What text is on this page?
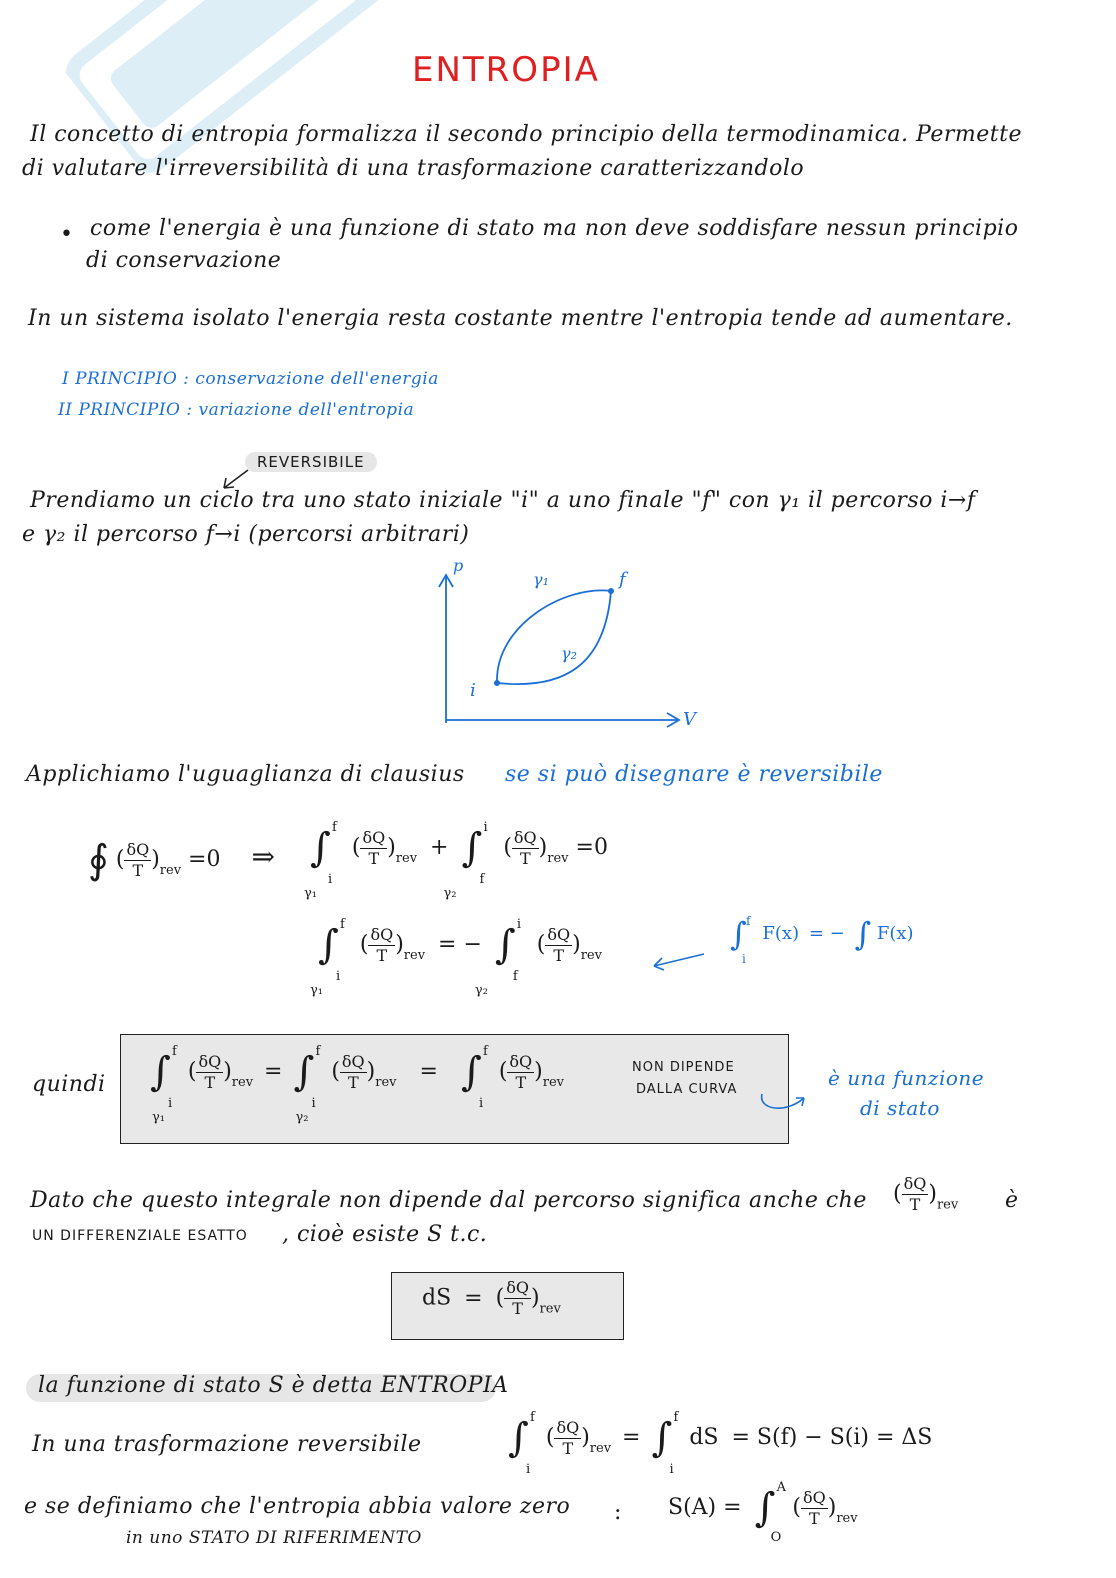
ENTROPIA
Il concetto di entropia formalizza il secondo principio della termodinamica. Permette
di valutare l'irreversibilità di una trasformazione caratterizzandolo
• come l'energia è una funzione di stato ma non deve soddisfare nessun principio
di conservazione
In un sistema isolato l'energia resta costante mentre l'entropia tende ad aumentare.
I PRINCIPIO : conservazione dell'energia
II PRINCIPIO : variazione dell'entropia
REVERSIBILE
Prendiamo un ciclo tra uno stato iniziale "i" a uno finale "f" con γ₁ il percorso i→f
e γ₂ il percorso f→i (percorsi arbitrari)
p
V
i
f
γ₁
γ₂
Applichiamo l'uguaglianza di clausius se si può disegnare è reversibile
∮ ( $\frac{\delta Q}{T} )_{rev} =0$ ⇒ ∫ f
i
γ₁
( $\frac{\delta Q}{T} )_{rev}$ + ∫ i
f
γ₂
( $\frac{\delta Q}{T} )_{rev} =0$
∫ f
i
γ₁
( $\frac{\delta Q}{T} )_{rev}$ = − ∫ i
f
γ₂
( $\frac{\delta Q}{T} )_{rev}$
∫ f
i
F(x) = − ∫ F(x)
quindi ∫ f
i
γ₁
( $\frac{\delta Q}{T} )_{rev}$ = ∫ f
i
γ₂
( $\frac{\delta Q}{T} )_{rev}$ = ∫ f
i
( $\frac{\delta Q}{T} )_{rev}$
NON DIPENDE
DALLA CURVA	è una funzione
di stato
Dato che questo integrale non dipende dal percorso significa anche che ( $\frac{\delta Q}{T} )_{rev}$ è
UN DIFFERENZIALE ESATTO , cioè esiste S t.c.
dS = ( $\frac{\delta Q}{T} )_{rev}$
la funzione di stato S è detta ENTROPIA
In una trasformazione reversibile ∫ f
i
( $\frac{\delta Q}{T} )_{rev}$ = ∫ f
i
dS = S(f) − S(i) = ΔS
e se definiamo che l'entropia abbia valore zero
in uno STATO DI RIFERIMENTO
: S(A) = ∫ A
O
( $\frac{\delta Q}{T} )_{rev}$
